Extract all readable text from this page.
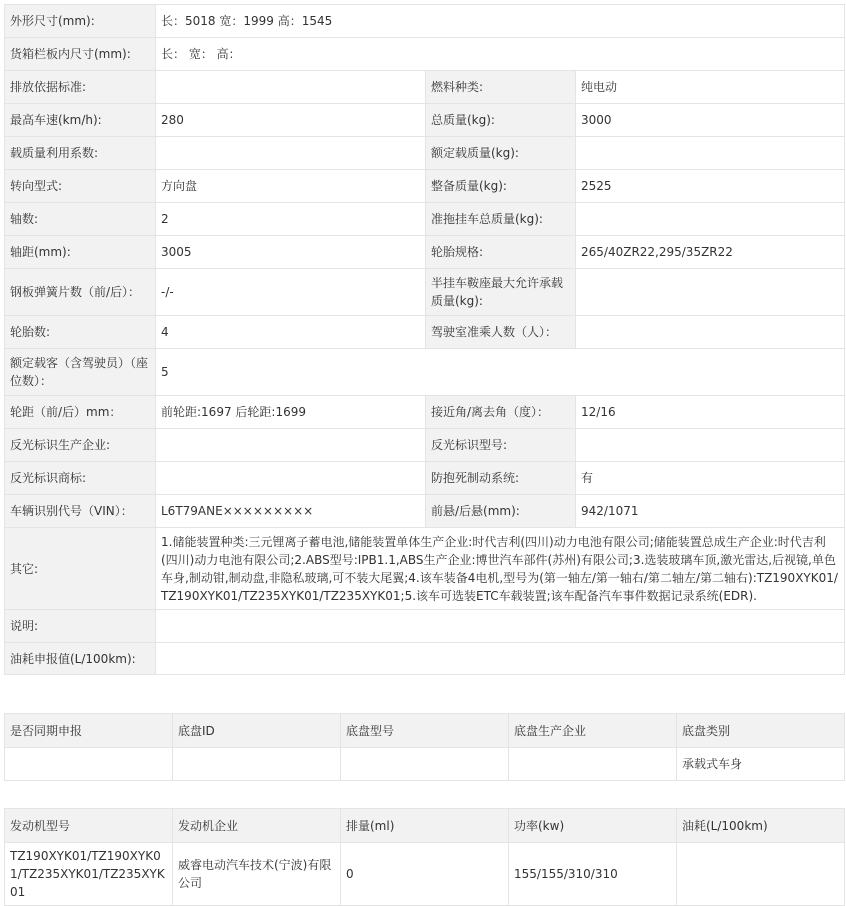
外形尺寸(mm):	长：5018 宽：1999 高：1545		
货箱栏板内尺寸(mm):	长： 宽： 高：		
排放依据标准:		燃料种类:	纯电动
最高车速(km/h):	280	总质量(kg):	3000
载质量利用系数:		额定载质量(kg):	
转向型式:	方向盘	整备质量(kg):	2525
轴数:	2	准拖挂车总质量(kg):	
轴距(mm):	3005	轮胎规格:	265/40ZR22,295/35ZR22
钢板弹簧片数（前/后）：	-/-	半挂车鞍座最大允许承载质量(kg):	
轮胎数:	4	驾驶室准乘人数（人）：	
额定载客（含驾驶员）（座位数）：	5		
轮距（前/后）mm：	前轮距:1697 后轮距:1699	接近角/离去角（度）：	12/16
反光标识生产企业:		反光标识型号:	
反光标识商标:		防抱死制动系统:	有
车辆识别代号（VIN）：	L6T79ANE×××××××××	前悬/后悬(mm):	942/1071
其它:	1.储能装置种类:三元锂离子蓄电池,储能装置单体生产企业:时代吉利(四川)动力电池有限公司;储能装置总成生产企业:时代吉利(四川)动力电池有限公司;2.ABS型号:IPB1.1,ABS生产企业:博世汽车部件(苏州)有限公司;3.选装玻璃车顶,激光雷达,后视镜,单色车身,制动钳,制动盘,非隐私玻璃,可不装大尾翼;4.该车装备4电机,型号为(第一轴左/第一轴右/第二轴左/第二轴右):TZ190XYK01/TZ190XYK01/TZ235XYK01/TZ235XYK01;5.该车可选装ETC车载装置;该车配备汽车事件数据记录系统(EDR).		
说明:			
油耗申报值(L/100km):			
是否同期申报	底盘ID	底盘型号	底盘生产企业	底盘类别
				承载式车身
发动机型号	发动机企业	排量(ml)	功率(kw)	油耗(L/100km)
TZ190XYK01/TZ190XYK01/TZ235XYK01/TZ235XYK01	威睿电动汽车技术(宁波)有限公司	0	155/155/310/310	
